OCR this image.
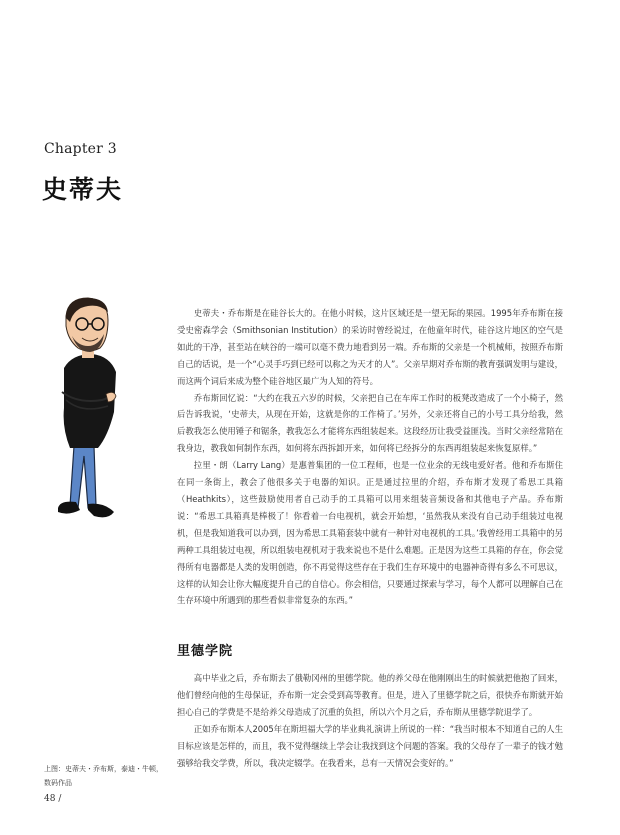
Chapter 3
史蒂夫

史蒂夫・乔布斯是在硅谷长大的。在他小时候，这片区域还是一望无际的果园。1995年乔布斯在接受史密森学会（Smithsonian Institution）的采访时曾经说过，在他童年时代，硅谷这片地区的空气是如此的干净，甚至站在峡谷的一端可以毫不费力地看到另一端。乔布斯的父亲是一个机械师，按照乔布斯自己的话说，是一个“心灵手巧到已经可以称之为天才的人”。父亲早期对乔布斯的教育强调发明与建设，而这两个词后来成为整个硅谷地区最广为人知的符号。

乔布斯回忆说：“大约在我五六岁的时候，父亲把自己在车库工作时的板凳改造成了一个小椅子，然后告诉我说，‘史蒂夫，从现在开始，这就是你的工作椅了。’另外，父亲还将自己的小号工具分给我，然后教我怎么使用锤子和锯条，教我怎么才能将东西组装起来。这段经历让我受益匪浅。当时父亲经常陪在我身边，教我如何制作东西，如何将东西拆卸开来，如何将已经拆分的东西再组装起来恢复原样。”

拉里・朗（Larry Lang）是惠普集团的一位工程师，也是一位业余的无线电爱好者。他和乔布斯住在同一条街上，教会了他很多关于电器的知识。正是通过拉里的介绍，乔布斯才发现了希思工具箱（Heathkits），这些鼓励使用者自己动手的工具箱可以用来组装音频设备和其他电子产品。乔布斯说：“希思工具箱真是棒极了！你看着一台电视机，就会开始想，‘虽然我从来没有自己动手组装过电视机，但是我知道我可以办到，因为希思工具箱套装中就有一种针对电视机的工具。’我曾经用工具箱中的另两种工具组装过电视，所以组装电视机对于我来说也不是什么难题。正是因为这些工具箱的存在，你会觉得所有电器都是人类的发明创造，你不再觉得这些存在于我们生存环境中的电器神奇得有多么不可思议，这样的认知会让你大幅度提升自己的自信心。你会相信，只要通过探索与学习，每个人都可以理解自己在生存环境中所遇到的那些看似非常复杂的东西。”

里德学院

高中毕业之后，乔布斯去了俄勒冈州的里德学院。他的养父母在他刚刚出生的时候就把他抱了回来，他们曾经向他的生母保证，乔布斯一定会受到高等教育。但是，进入了里德学院之后，很快乔布斯就开始担心自己的学费是不是给养父母造成了沉重的负担，所以六个月之后，乔布斯从里德学院退学了。

正如乔布斯本人2005年在斯坦福大学的毕业典礼演讲上所说的一样：“我当时根本不知道自己的人生目标应该是怎样的，而且，我不觉得继续上学会让我找到这个问题的答案。我的父母存了一辈子的钱才勉强够给我交学费，所以，我决定辍学。在我看来，总有一天情况会变好的。”

上图：史蒂夫・乔布斯，泰迪・牛顿，数码作品
48 /
